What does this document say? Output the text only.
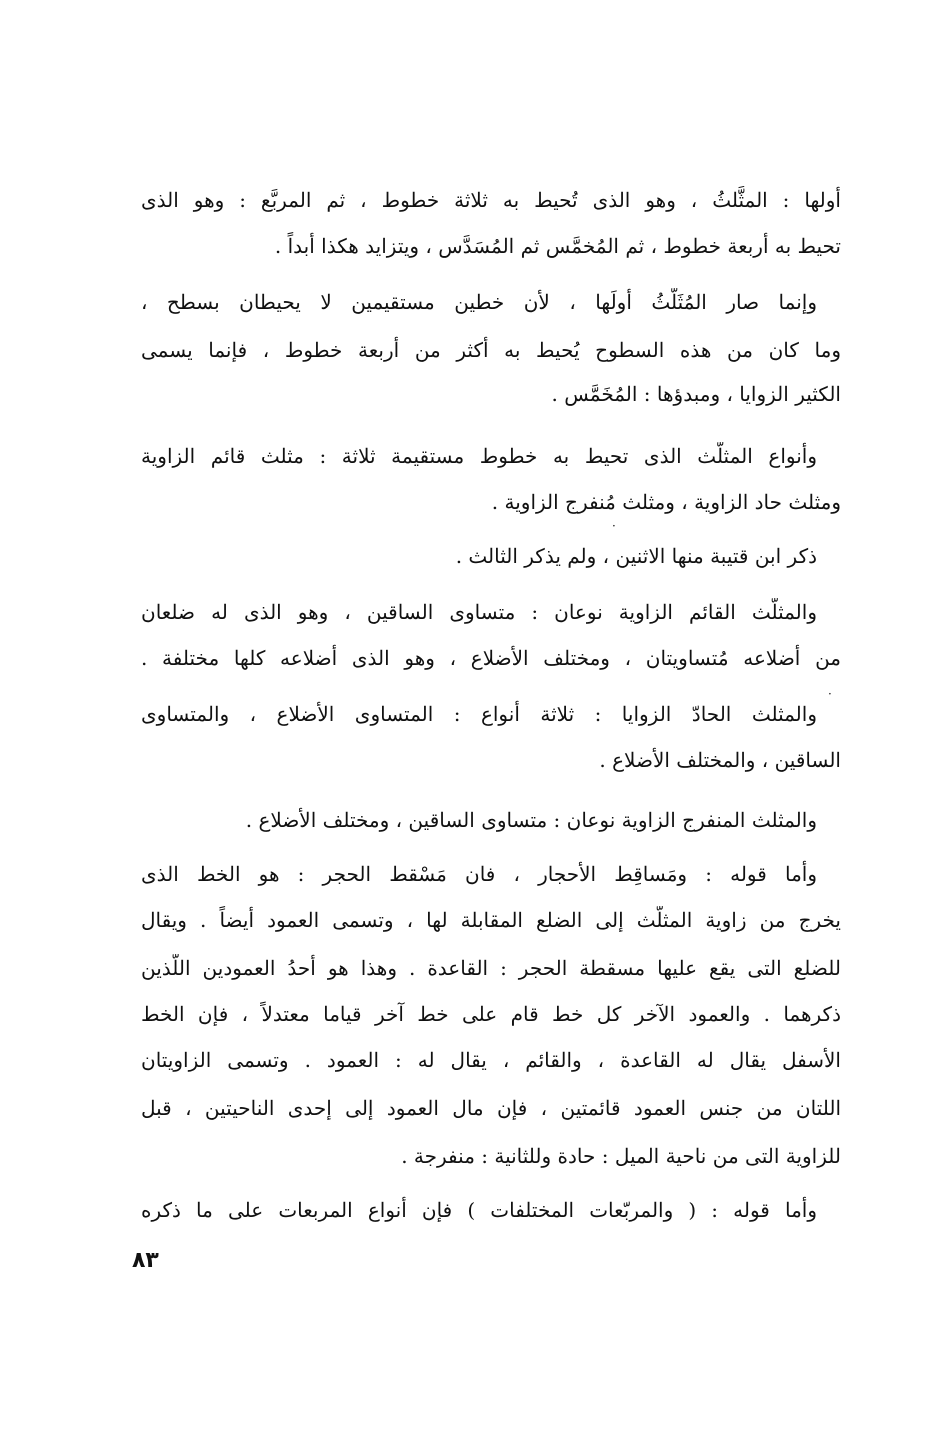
أولها : المثَّلثُ ، وهو الذى تُحيط به ثلاثة خطوط ، ثم المربَّع : وهو الذى
تحيط به أربعة خطوط ، ثم المُخمَّس ثم المُسَدَّس ، ويتزايد هكذا أبداً .
وإنما صار المُثَلَّثُ أولَها ، لأن خطين مستقيمين لا يحيطان بسطح ،
وما كان من هذه السطوح يُحيط به أكثر من أربعة خطوط ، فإنما يسمى
الكثير الزوايا ، ومبدؤها : المُخَمَّس .
وأنواع المثلَّث الذى تحيط به خطوط مستقيمة ثلاثة : مثلث قائم الزاوية
ومثلث حاد الزاوية ، ومثلث مُنفرج الزاوية .
ذكر ابن قتيبة منها الاثنين ، ولم يذكر الثالث .
والمثلَّث القائم الزاوية نوعان : متساوى الساقين ، وهو الذى له ضلعان
من أضلاعه مُتساويتان ، ومختلف الأضلاع ، وهو الذى أضلاعه كلها مختلفة .
والمثلث الحادّ الزوايا : ثلاثة أنواع : المتساوى الأضلاع ، والمتساوى
الساقين ، والمختلف الأضلاع .
والمثلث المنفرج الزاوية نوعان : متساوى الساقين ، ومختلف الأضلاع .
وأما قوله : ومَساقِط الأحجار ، فان مَسْقط الحجر : هو الخط الذى
يخرج من زاوية المثلَّث إلى الضلع المقابلة لها ، وتسمى العمود أيضاً . ويقال
للضلع التى يقع عليها مسقطة الحجر : القاعدة . وهذا هو أحدُ العمودين اللّذين
ذكرهما . والعمود الآخر كل خط قام على خط آخر قياما معتدلاً ، فإن الخط
الأسفل يقال له القاعدة ، والقائم ، يقال له : العمود . وتسمى الزاويتان
اللتان من جنس العمود قائمتين ، فإن مال العمود إلى إحدى الناحيتين ، قبل
للزاوية التى من ناحية الميل : حادة وللثانية : منفرجة .
وأما قوله : ( والمربّعات المختلفات ) فإن أنواع المربعات على ما ذكره
٨٣
·
·
